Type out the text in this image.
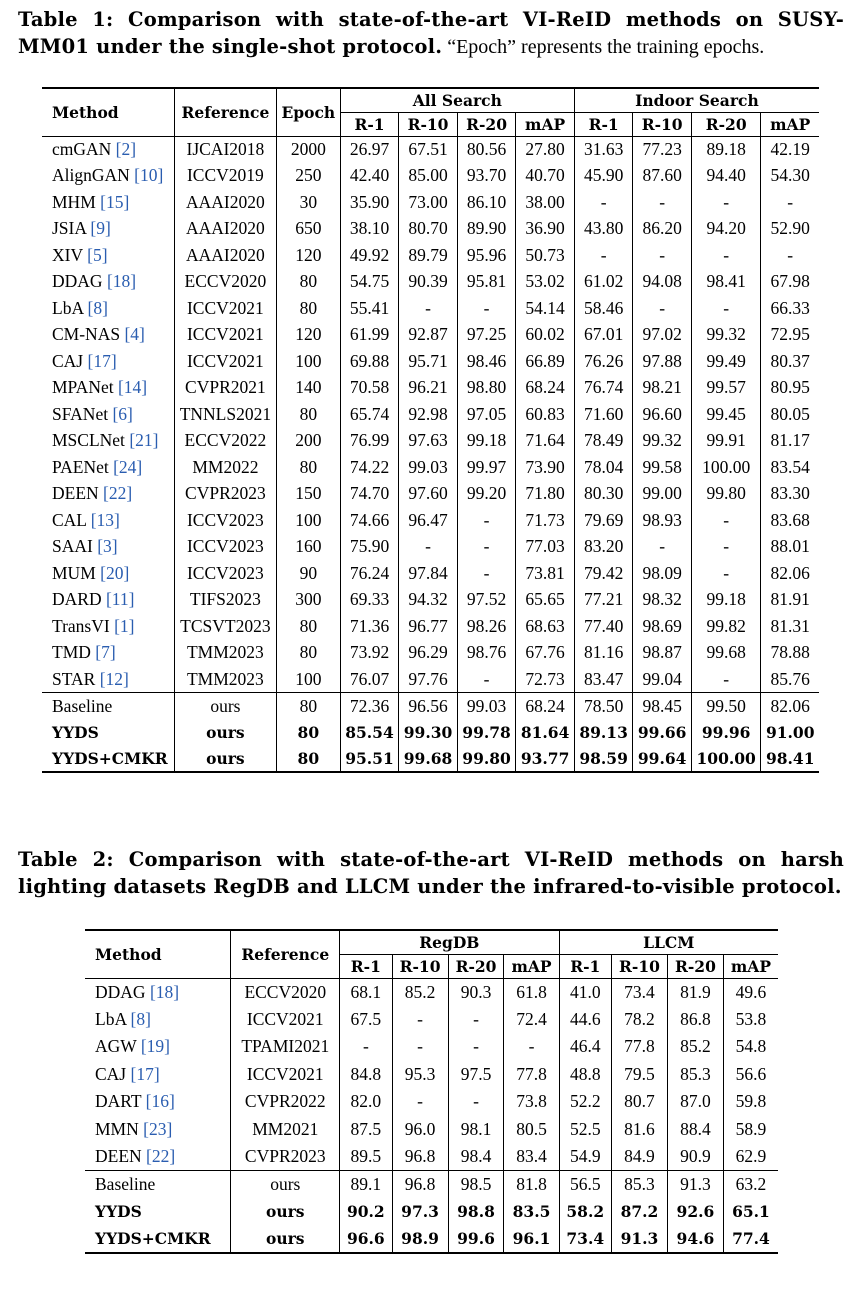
Table 1: Comparison with state-of-the-art VI-ReID methods on SUSY-MM01 under the single-shot protocol. “Epoch” represents the training epochs.
Method	Reference	Epoch	All Search				Indoor Search			
			R-1	R-10	R-20	mAP	R-1	R-10	R-20	mAP
cmGAN [2]	IJCAI2018	2000	26.97	67.51	80.56	27.80	31.63	77.23	89.18	42.19
AlignGAN [10]	ICCV2019	250	42.40	85.00	93.70	40.70	45.90	87.60	94.40	54.30
MHM [15]	AAAI2020	30	35.90	73.00	86.10	38.00	-	-	-	-
JSIA [9]	AAAI2020	650	38.10	80.70	89.90	36.90	43.80	86.20	94.20	52.90
XIV [5]	AAAI2020	120	49.92	89.79	95.96	50.73	-	-	-	-
DDAG [18]	ECCV2020	80	54.75	90.39	95.81	53.02	61.02	94.08	98.41	67.98
LbA [8]	ICCV2021	80	55.41	-	-	54.14	58.46	-	-	66.33
CM-NAS [4]	ICCV2021	120	61.99	92.87	97.25	60.02	67.01	97.02	99.32	72.95
CAJ [17]	ICCV2021	100	69.88	95.71	98.46	66.89	76.26	97.88	99.49	80.37
MPANet [14]	CVPR2021	140	70.58	96.21	98.80	68.24	76.74	98.21	99.57	80.95
SFANet [6]	TNNLS2021	80	65.74	92.98	97.05	60.83	71.60	96.60	99.45	80.05
MSCLNet [21]	ECCV2022	200	76.99	97.63	99.18	71.64	78.49	99.32	99.91	81.17
PAENet [24]	MM2022	80	74.22	99.03	99.97	73.90	78.04	99.58	100.00	83.54
DEEN [22]	CVPR2023	150	74.70	97.60	99.20	71.80	80.30	99.00	99.80	83.30
CAL [13]	ICCV2023	100	74.66	96.47	-	71.73	79.69	98.93	-	83.68
SAAI [3]	ICCV2023	160	75.90	-	-	77.03	83.20	-	-	88.01
MUM [20]	ICCV2023	90	76.24	97.84	-	73.81	79.42	98.09	-	82.06
DARD [11]	TIFS2023	300	69.33	94.32	97.52	65.65	77.21	98.32	99.18	81.91
TransVI [1]	TCSVT2023	80	71.36	96.77	98.26	68.63	77.40	98.69	99.82	81.31
TMD [7]	TMM2023	80	73.92	96.29	98.76	67.76	81.16	98.87	99.68	78.88
STAR [12]	TMM2023	100	76.07	97.76	-	72.73	83.47	99.04	-	85.76
Baseline	ours	80	72.36	96.56	99.03	68.24	78.50	98.45	99.50	82.06
YYDS	ours	80	85.54	99.30	99.78	81.64	89.13	99.66	99.96	91.00
YYDS+CMKR	ours	80	95.51	99.68	99.80	93.77	98.59	99.64	100.00	98.41
Table 2: Comparison with state-of-the-art VI-ReID methods on harsh lighting datasets RegDB and LLCM under the infrared-to-visible protocol.
Method	Reference	RegDB				LLCM			
		R-1	R-10	R-20	mAP	R-1	R-10	R-20	mAP
DDAG [18]	ECCV2020	68.1	85.2	90.3	61.8	41.0	73.4	81.9	49.6
LbA [8]	ICCV2021	67.5	-	-	72.4	44.6	78.2	86.8	53.8
AGW [19]	TPAMI2021	-	-	-	-	46.4	77.8	85.2	54.8
CAJ [17]	ICCV2021	84.8	95.3	97.5	77.8	48.8	79.5	85.3	56.6
DART [16]	CVPR2022	82.0	-	-	73.8	52.2	80.7	87.0	59.8
MMN [23]	MM2021	87.5	96.0	98.1	80.5	52.5	81.6	88.4	58.9
DEEN [22]	CVPR2023	89.5	96.8	98.4	83.4	54.9	84.9	90.9	62.9
Baseline	ours	89.1	96.8	98.5	81.8	56.5	85.3	91.3	63.2
YYDS	ours	90.2	97.3	98.8	83.5	58.2	87.2	92.6	65.1
YYDS+CMKR	ours	96.6	98.9	99.6	96.1	73.4	91.3	94.6	77.4
